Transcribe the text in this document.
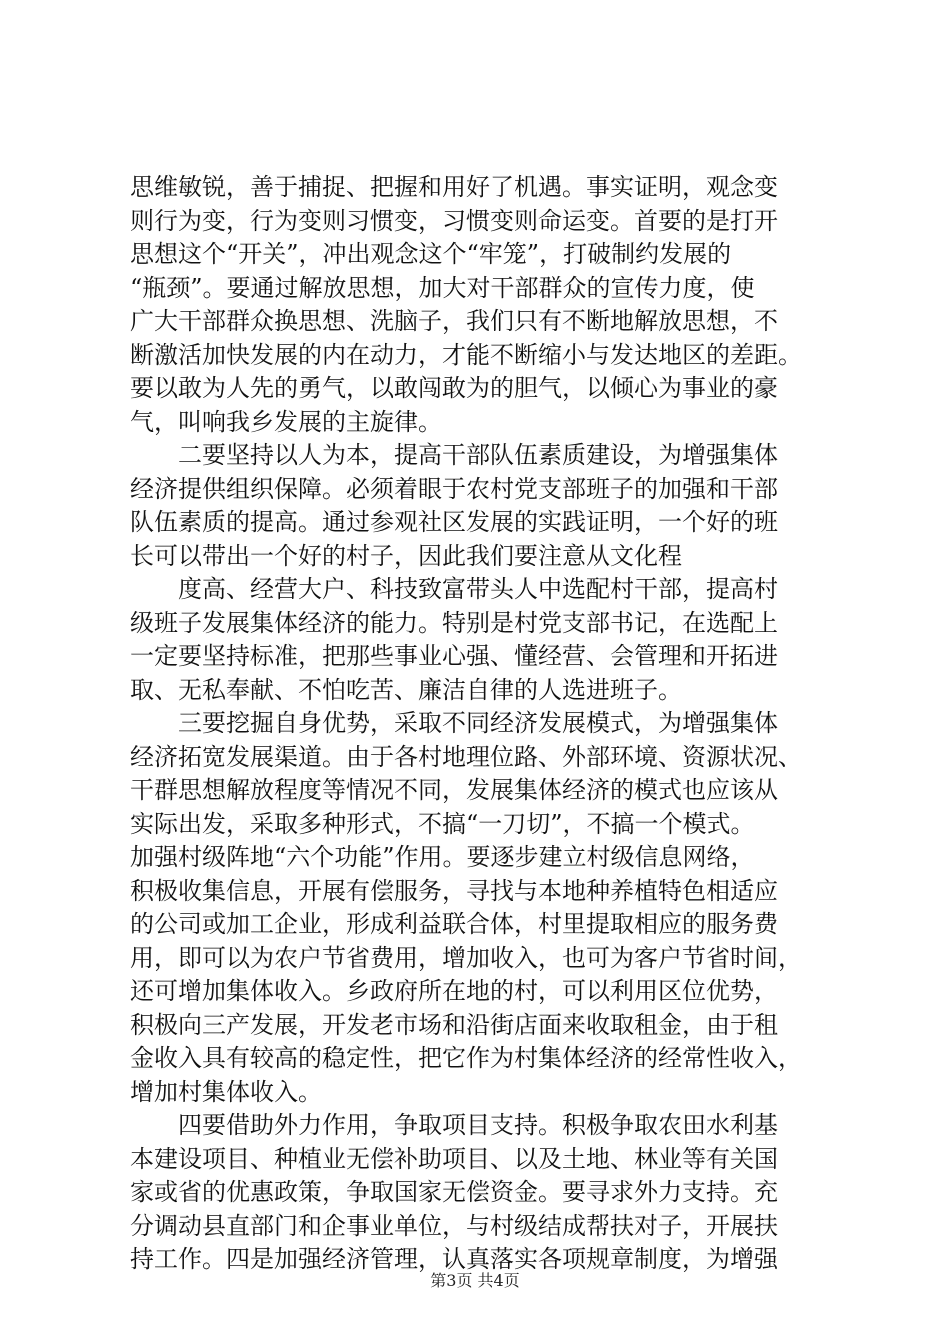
思维敏锐，善于捕捉、把握和用好了机遇。事实证明，观念变
则行为变，行为变则习惯变，习惯变则命运变。首要的是打开
思想这个“开关”，冲出观念这个“牢笼”，打破制约发展的
“瓶颈”。要通过解放思想，加大对干部群众的宣传力度，使
广大干部群众换思想、洗脑子，我们只有不断地解放思想，不
断激活加快发展的内在动力，才能不断缩小与发达地区的差距。
要以敢为人先的勇气，以敢闯敢为的胆气，以倾心为事业的豪
气，叫响我乡发展的主旋律。
　　二要坚持以人为本，提高干部队伍素质建设，为增强集体
经济提供组织保障。必须着眼于农村党支部班子的加强和干部
队伍素质的提高。通过参观社区发展的实践证明，一个好的班
长可以带出一个好的村子，因此我们要注意从文化程
　　度高、经营大户、科技致富带头人中选配村干部，提高村
级班子发展集体经济的能力。特别是村党支部书记，在选配上
一定要坚持标准，把那些事业心强、懂经营、会管理和开拓进
取、无私奉献、不怕吃苦、廉洁自律的人选进班子。
　　三要挖掘自身优势，采取不同经济发展模式，为增强集体
经济拓宽发展渠道。由于各村地理位路、外部环境、资源状况、
干群思想解放程度等情况不同，发展集体经济的模式也应该从
实际出发，采取多种形式，不搞“一刀切”，不搞一个模式。
加强村级阵地“六个功能”作用。要逐步建立村级信息网络，
积极收集信息，开展有偿服务，寻找与本地种养植特色相适应
的公司或加工企业，形成利益联合体，村里提取相应的服务费
用，即可以为农户节省费用，增加收入，也可为客户节省时间，
还可增加集体收入。乡政府所在地的村，可以利用区位优势，
积极向三产发展，开发老市场和沿街店面来收取租金，由于租
金收入具有较高的稳定性，把它作为村集体经济的经常性收入，
增加村集体收入。
　　四要借助外力作用，争取项目支持。积极争取农田水利基
本建设项目、种植业无偿补助项目、以及土地、林业等有关国
家或省的优惠政策，争取国家无偿资金。要寻求外力支持。充
分调动县直部门和企事业单位，与村级结成帮扶对子，开展扶
持工作。四是加强经济管理，认真落实各项规章制度，为增强
第3页 共4页
